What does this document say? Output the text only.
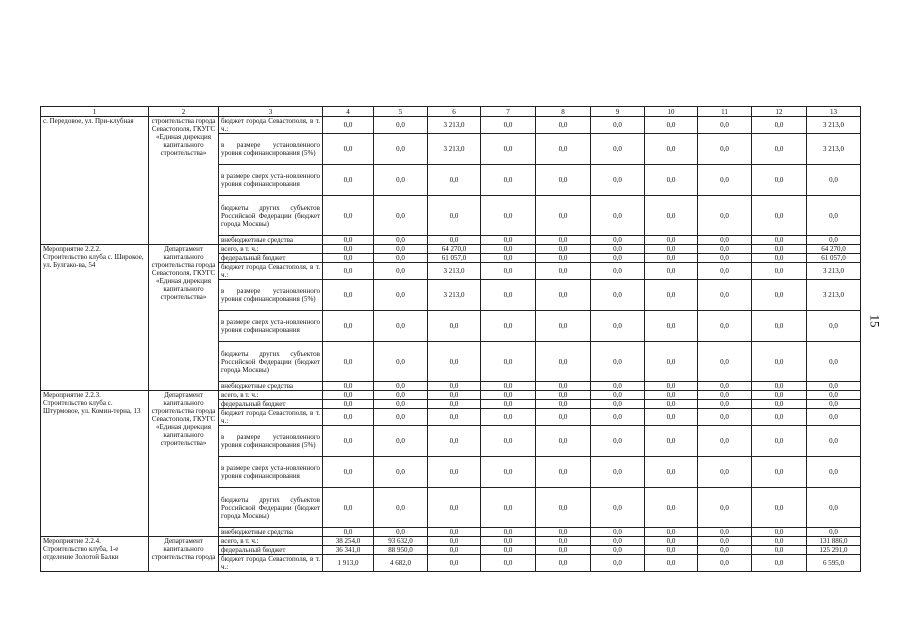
1	2	3	4	5	6	7	8	9	10	11	12	13
с. Передовое, ул. При-клубная	строительства города Севастополя, ГКУГС «Единая дирекция капитального строительства»	бюджет города Севастополя, в т. ч.:	0,0	0,0	3 213,0	0,0	0,0	0,0	0,0	0,0	0,0	3 213,0
		в размере установленного уровня софинансирования (5%)	0,0	0,0	3 213,0	0,0	0,0	0,0	0,0	0,0	0,0	3 213,0
		в размере сверх уста-новленного уровня софинансирования	0,0	0,0	0,0	0,0	0,0	0,0	0,0	0,0	0,0	0,0
		бюджеты других субъектов Российской Федерации (бюджет города Москвы)	0,0	0,0	0,0	0,0	0,0	0,0	0,0	0,0	0,0	0,0
		внебюджетные средства	0,0	0,0	0,0	0,0	0,0	0,0	0,0	0,0	0,0	0,0
Мероприятие 2.2.2. Строительство клуба с. Широкое, ул. Булгако-ва, 54	Департамент капитального строительства города Севастополя, ГКУГС «Единая дирекция капитального строительства»	всего, в т. ч.:	0,0	0,0	64 270,0	0,0	0,0	0,0	0,0	0,0	0,0	64 270,0
		федеральный бюджет	0,0	0,0	61 057,0	0,0	0,0	0,0	0,0	0,0	0,0	61 057,0
		бюджет города Севастополя, в т. ч.:	0,0	0,0	3 213,0	0,0	0,0	0,0	0,0	0,0	0,0	3 213,0
		в размере установленного уровня софинансирования (5%)	0,0	0,0	3 213,0	0,0	0,0	0,0	0,0	0,0	0,0	3 213,0
		в размере сверх уста-новленного уровня софинансирования	0,0	0,0	0,0	0,0	0,0	0,0	0,0	0,0	0,0	0,0
		бюджеты других субъектов Российской Федерации (бюджет города Москвы)	0,0	0,0	0,0	0,0	0,0	0,0	0,0	0,0	0,0	0,0
		внебюджетные средства	0,0	0,0	0,0	0,0	0,0	0,0	0,0	0,0	0,0	0,0
Мероприятие 2.2.3. Строительство клуба с. Штурмовое, ул. Комин-терна, 13	Департамент капитального строительства города Севастополя, ГКУГС «Единая дирекция капитального строительства»	всего, в т. ч.:	0,0	0,0	0,0	0,0	0,0	0,0	0,0	0,0	0,0	0,0
		федеральный бюджет	0,0	0,0	0,0	0,0	0,0	0,0	0,0	0,0	0,0	0,0
		бюджет города Севастополя, в т. ч.:	0,0	0,0	0,0	0,0	0,0	0,0	0,0	0,0	0,0	0,0
		в размере установленного уровня софинансирования (5%)	0,0	0,0	0,0	0,0	0,0	0,0	0,0	0,0	0,0	0,0
		в размере сверх уста-новленного уровня софинансирования	0,0	0,0	0,0	0,0	0,0	0,0	0,0	0,0	0,0	0,0
		бюджеты других субъектов Российской Федерации (бюджет города Москвы)	0,0	0,0	0,0	0,0	0,0	0,0	0,0	0,0	0,0	0,0
		внебюджетные средства	0,0	0,0	0,0	0,0	0,0	0,0	0,0	0,0	0,0	0,0
Мероприятие 2.2.4. Строительство клуба, 1-е отделение Золотой Балки	Департамент капитального строительства города	всего, в т. ч.:	38 254,0	93 632,0	0,0	0,0	0,0	0,0	0,0	0,0	0,0	131 886,0
		федеральный бюджет	36 341,0	88 950,0	0,0	0,0	0,0	0,0	0,0	0,0	0,0	125 291,0
		бюджет города Севастополя, в т. ч.:	1 913,0	4 682,0	0,0	0,0	0,0	0,0	0,0	0,0	0,0	6 595,0
15
